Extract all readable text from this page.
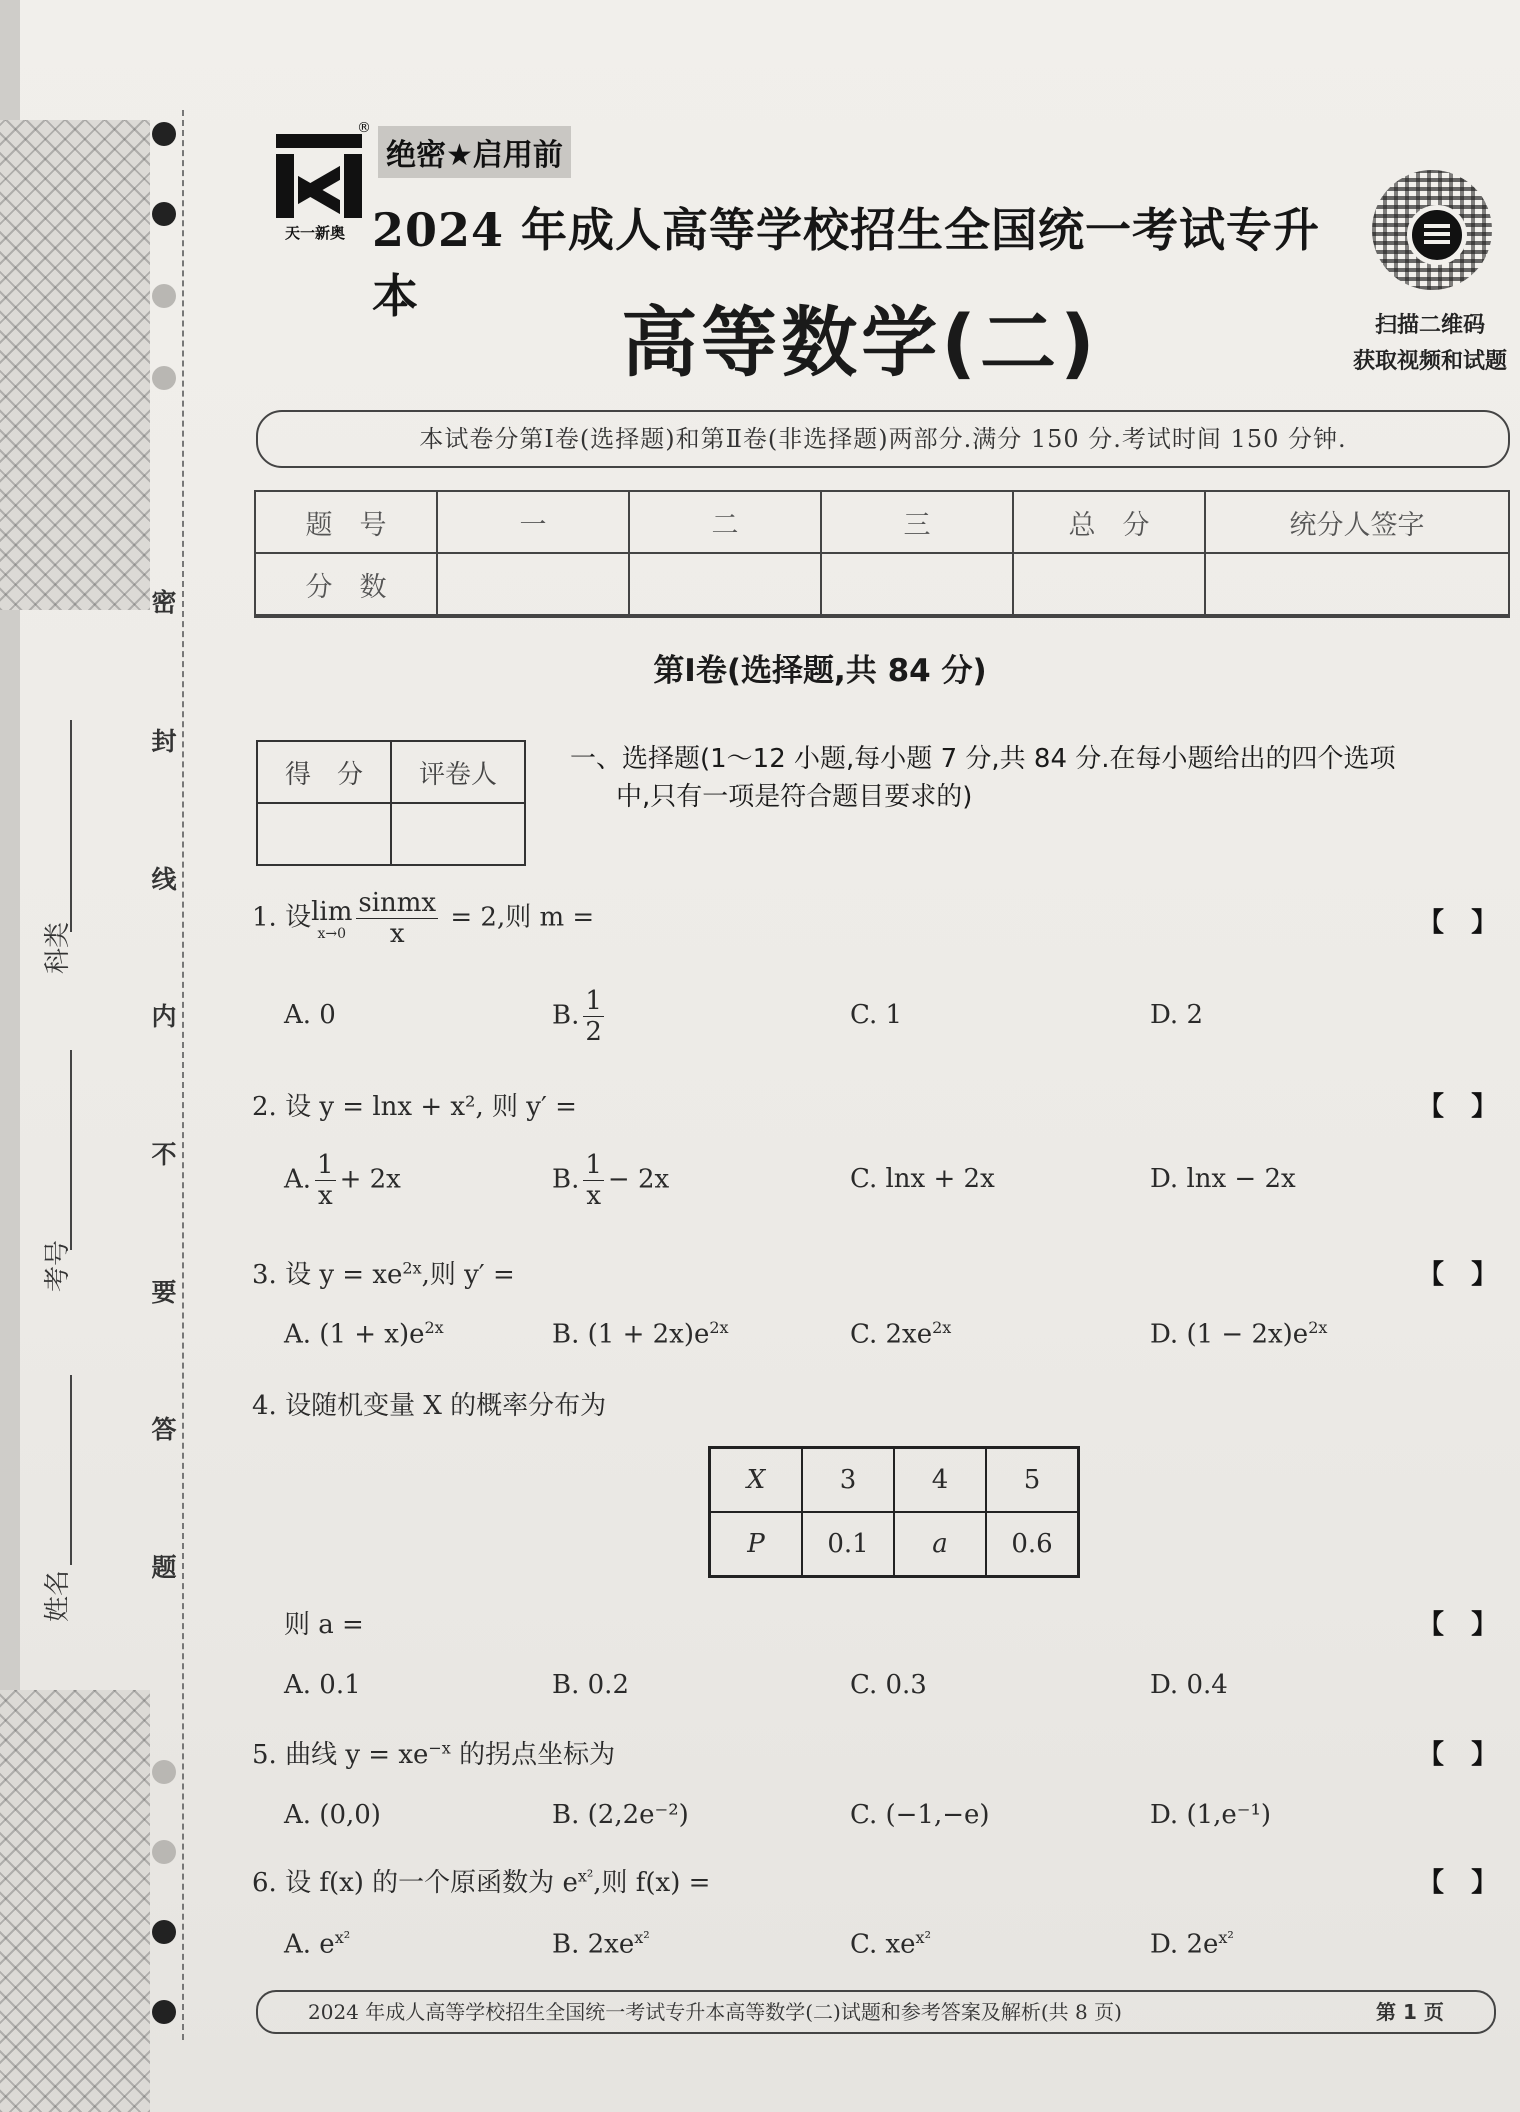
密
封
线
内
不
要
答
题
科类
考号
姓名
®
天一新奥
绝密★启用前
2024 年成人高等学校招生全国统一考试专升本
高等数学(二)	扫描二维码
获取视频和试题
本试卷分第Ⅰ卷(选择题)和第Ⅱ卷(非选择题)两部分.满分 150 分.考试时间 150 分钟.
题　号	一	二	三	总　分	统分人签字
分　数					
第Ⅰ卷(选择题,共 84 分)
得　分	评卷人

一、选择题(1～12 小题,每小题 7 分,共 84 分.在每小题给出的四个选项
中,只有一项是符合题目要求的)
1. 设lim
$x\to 0 \frac{\text{sinmx}}{x} = 2$,则 m =	【   】
A. 0	B. $\frac{1}{2}$	C. 1	D. 2
2. 设 y = lnx + x², 则 y′ =	【   】
A. $\frac{1}{x} + 2x$	B. $\frac{1}{x} - 2x$	C. lnx + 2x	D. lnx − 2x
3. 设 $y = xe^{2x}$,则 y′ =	【   】
A. $(1 + x)e^{2x}$	B. $(1 + 2x)e^{2x}$	C. $2xe^{2x}$	D. $(1 - 2x)e^{2x}$
4. 设随机变量 X 的概率分布为
X	3	4	5
P	0.1	a	0.6
则 a =	【   】
A. 0.1	B. 0.2	C. 0.3	D. 0.4
5. 曲线 $y = xe^{-x}$ 的拐点坐标为	【   】
A. (0,0)	B. (2,2e⁻²)	C. (−1,−e)	D. (1,e⁻¹)
6. 设 f(x) 的一个原函数为 $e^{x^2}$,则 f(x) =	【   】
A. $e^{x^2}$	B. $2xe^{x^2}$	C. $xe^{x^2}$	D. $2e^{x^2}$
2024 年成人高等学校招生全国统一考试专升本高等数学(二)试题和参考答案及解析(共 8 页)	第 1 页
